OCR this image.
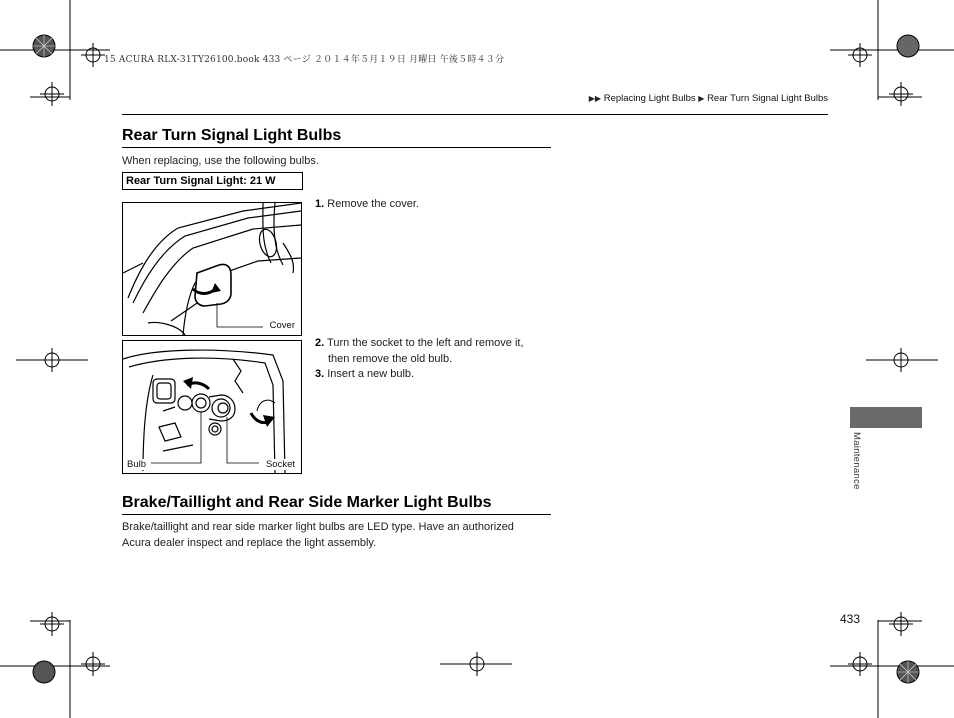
15 ACURA RLX-31TY26100.book 433 ページ ２０１４年５月１９日 月曜日 午後５時４３分
▶▶ Replacing Light Bulbs ▶ Rear Turn Signal Light Bulbs
Rear Turn Signal Light Bulbs
When replacing, use the following bulbs.
Rear Turn Signal Light: 21 W
Cover
Bulb	Socket
1. Remove the cover.
2. Turn the socket to the left and remove it,
then remove the old bulb.
3. Insert a new bulb.
Brake/Taillight and Rear Side Marker Light Bulbs
Brake/taillight and rear side marker light bulbs are LED type. Have an authorized
Acura dealer inspect and replace the light assembly.
Maintenance
433
